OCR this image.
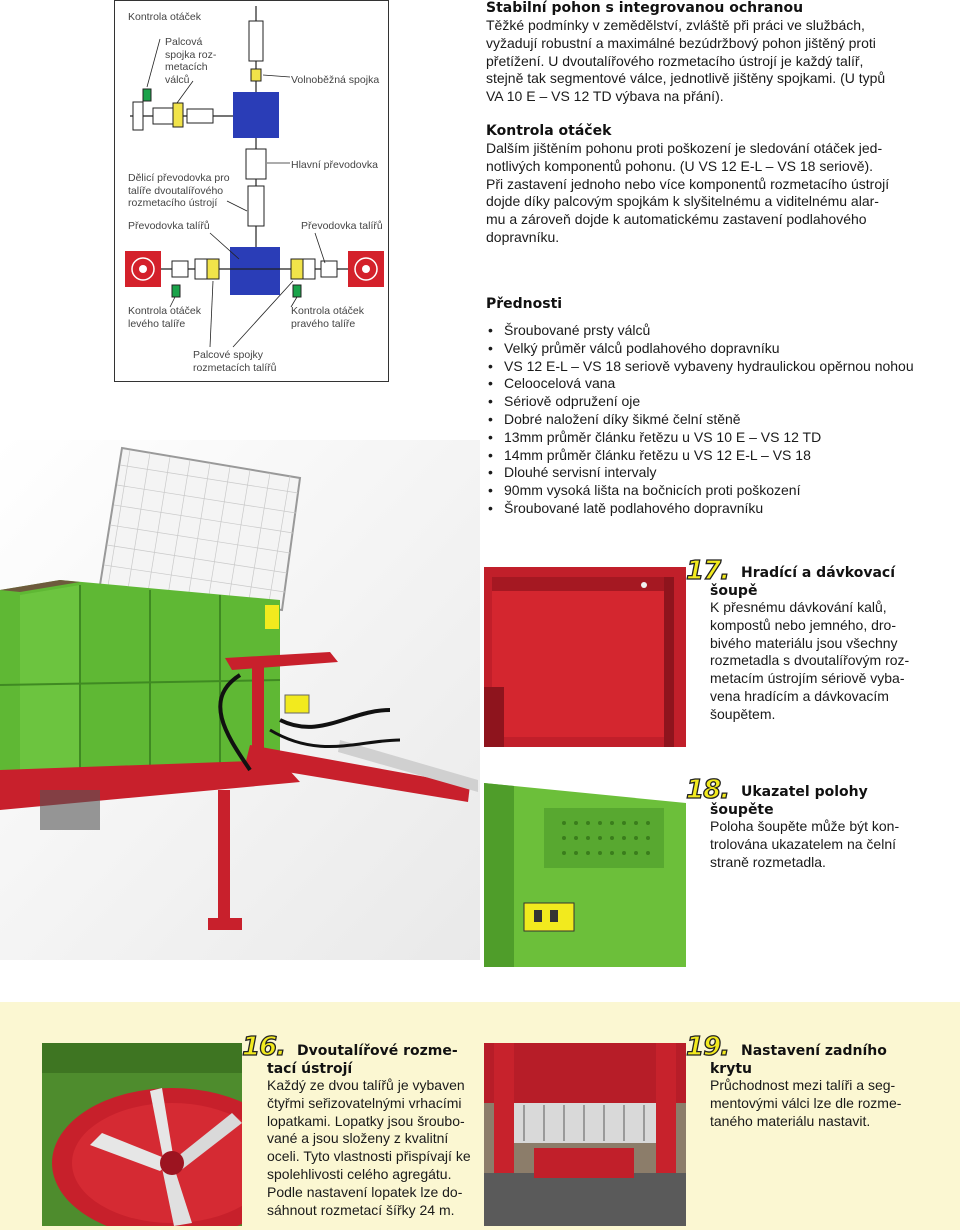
Kontrola otáček
Palcová
spojka roz-
metacích
válců	Volnoběžná spojka
Dělicí převodovka pro
talíře dvoutalířového
rozmetacího ústrojí
Hlavní převodovka
Převodovka talířů	Převodovka talířů
Kontrola otáček
levého talíře
Kontrola otáček
pravého talíře
Palcové spojky
rozmetacích talířů
Stabilní pohon s integrovanou ochranou
Těžké podmínky v zemědělství, zvláště při práci ve službách,
vyžadují robustní a maximálné bezúdržbový pohon jištěný proti
přetížení. U dvoutalířového rozmetacího ústrojí je každý talíř,
stejně tak segmentové válce, jednotlivě jištěny spojkami. (U typů
VA 10 E – VS 12 TD výbava na přání).
Kontrola otáček
Dalším jištěním pohonu proti poškození je sledování otáček jed-
notlivých komponentů pohonu. (U VS 12 E-L – VS 18 seriově).
Při zastavení jednoho nebo více komponentů rozmetacího ústrojí
dojde díky palcovým spojkám k slyšitelnému a viditelnému alar-
mu a zároveň dojde k automatickému zastavení podlahového
dopravníku.
Přednosti
• Šroubované prsty válců
• Velký průměr válců podlahového dopravníku
• VS 12 E-L – VS 18 seriově vybaveny hydraulickou opěrnou nohou
• Celoocelová vana
• Sériově odpružení oje
• Dobré naložení díky šikmé čelní stěně
• 13mm průměr článku řetězu u VS 10 E – VS 12 TD
• 14mm průměr článku řetězu u VS 12 E-L – VS 18
• Dlouhé servisní intervaly
• 90mm vysoká lišta na bočnicích proti poškození
• Šroubované latě podlahového dopravníku
17. Hradící a dávkovací
šoupě
K přesnému dávkování kalů,
kompostů nebo jemného, dro-
bivého materiálu jsou všechny
rozmetadla s dvoutalířovým roz-
metacím ústrojím sériově vyba-
vena hradícím a dávkovacím
šoupětem.
18. Ukazatel polohy
šoupěte
Poloha šoupěte může být kon-
trolována ukazatelem na čelní
straně rozmetadla.
16. Dvoutalířové rozme-
tací ústrojí
Každý ze dvou talířů je vybaven
čtyřmi seřizovatelnými vrhacími
lopatkami. Lopatky jsou šroubo-
vané a jsou složeny z kvalitní
oceli. Tyto vlastnosti přispívají ke
spolehlivosti celého agregátu.
Podle nastavení lopatek lze do-
sáhnout rozmetací šířky 24 m.
19. Nastavení zadního
krytu
Průchodnost mezi talíři a seg-
mentovými válci lze dle rozme-
taného materiálu nastavit.
